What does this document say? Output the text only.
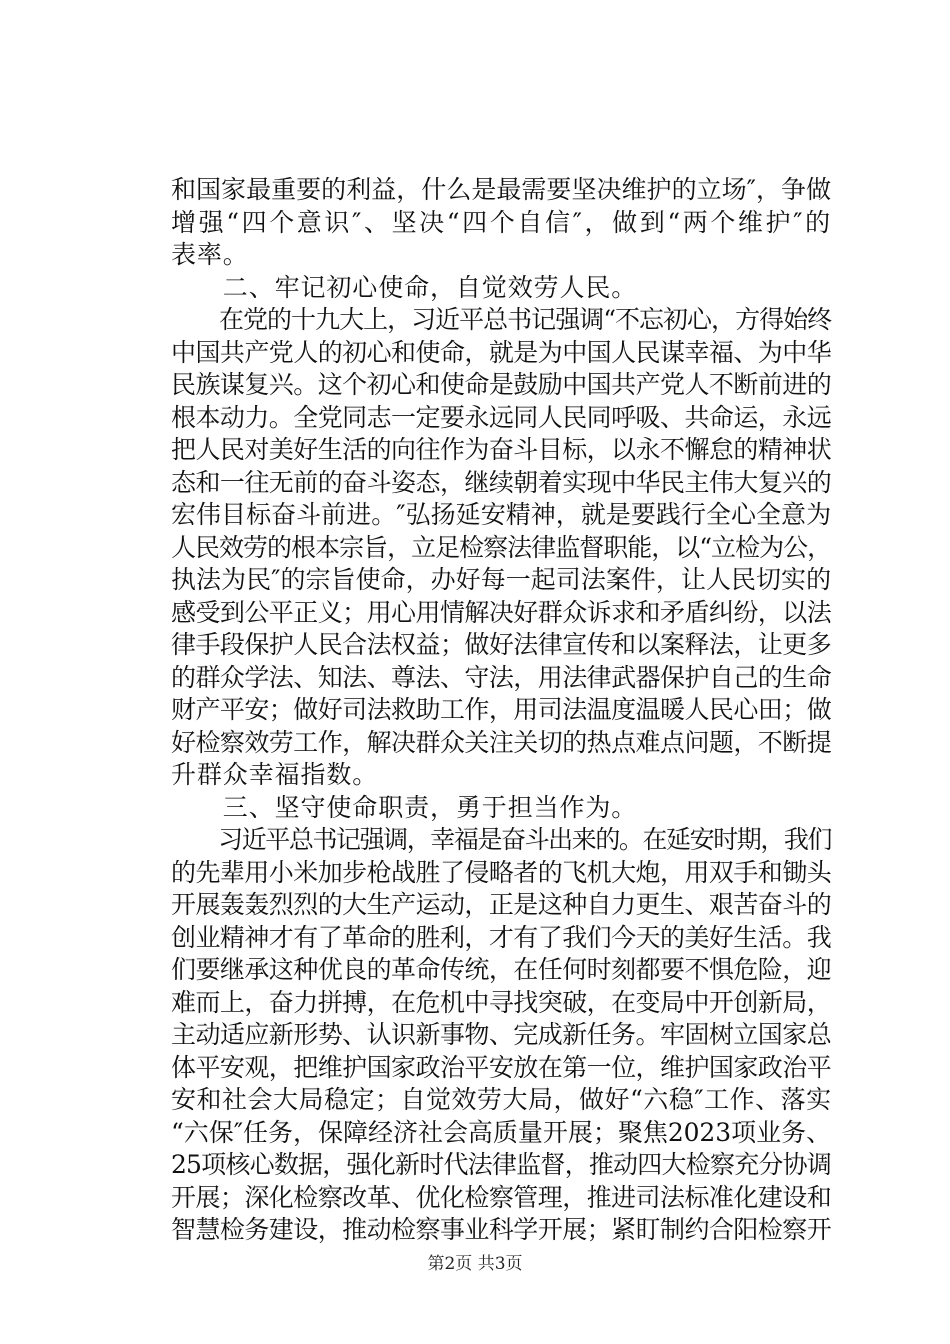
和国家最重要的利益，什么是最需要坚决维护的立场″，争做
增强“四个意识″、坚决“四个自信″，做到“两个维护″的
表率。
　　二、牢记初心使命，自觉效劳人民。
　　在党的十九大上，习近平总书记强调“不忘初心，方得始终
中国共产党人的初心和使命，就是为中国人民谋幸福、为中华
民族谋复兴。这个初心和使命是鼓励中国共产党人不断前进的
根本动力。全党同志一定要永远同人民同呼吸、共命运，永远
把人民对美好生活的向往作为奋斗目标，以永不懈怠的精神状
态和一往无前的奋斗姿态，继续朝着实现中华民主伟大复兴的
宏伟目标奋斗前进。″弘扬延安精神，就是要践行全心全意为
人民效劳的根本宗旨，立足检察法律监督职能，以“立检为公，
执法为民″的宗旨使命，办好每一起司法案件，让人民切实的
感受到公平正义；用心用情解决好群众诉求和矛盾纠纷，以法
律手段保护人民合法权益；做好法律宣传和以案释法，让更多
的群众学法、知法、尊法、守法，用法律武器保护自己的生命
财产平安；做好司法救助工作，用司法温度温暖人民心田；做
好检察效劳工作，解决群众关注关切的热点难点问题，不断提
升群众幸福指数。
　　三、坚守使命职责，勇于担当作为。
　　习近平总书记强调，幸福是奋斗出来的。在延安时期，我们
的先辈用小米加步枪战胜了侵略者的飞机大炮，用双手和锄头
开展轰轰烈烈的大生产运动，正是这种自力更生、艰苦奋斗的
创业精神才有了革命的胜利，才有了我们今天的美好生活。我
们要继承这种优良的革命传统，在任何时刻都要不惧危险，迎
难而上，奋力拼搏，在危机中寻找突破，在变局中开创新局，
主动适应新形势、认识新事物、完成新任务。牢固树立国家总
体平安观，把维护国家政治平安放在第一位，维护国家政治平
安和社会大局稳定；自觉效劳大局，做好“六稳″工作、落实
“六保″任务，保障经济社会高质量开展；聚焦2023项业务、
25项核心数据，强化新时代法律监督，推动四大检察充分协调
开展；深化检察改革、优化检察管理，推进司法标准化建设和
智慧检务建设，推动检察事业科学开展；紧盯制约合阳检察开
第2页 共3页
